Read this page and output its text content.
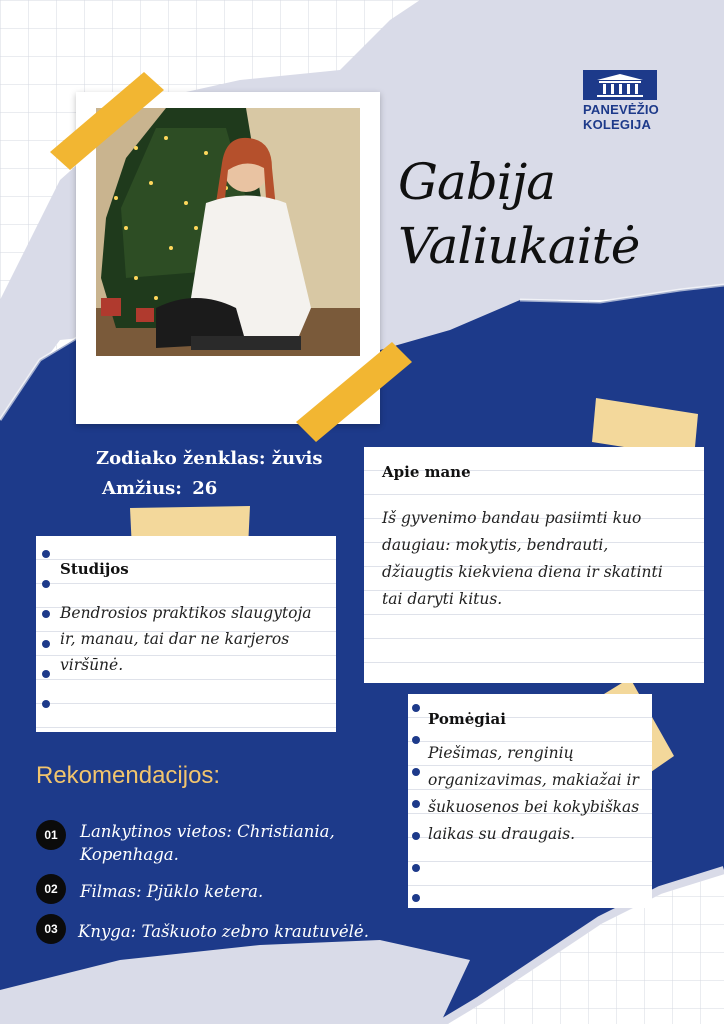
PANEVĖŽIO
KOLEGIJA
Gabija
Valiukaitė
Zodiako ženklas: žuvis
Amžius: 26
Apie mane
Iš gyvenimo bandau pasiimti kuo daugiau: mokytis, bendrauti, džiaugtis kiekviena diena ir skatinti tai daryti kitus.
Studijos
Bendrosios praktikos slaugytoja ir, manau, tai dar ne karjeros viršūnė.
Pomėgiai
Piešimas, renginių organizavimas, makiažai ir šukuosenos bei kokybiškas laikas su draugais.
Rekomendacijos:
01	Lankytinos vietos: Christiania, Kopenhaga.
02	Filmas: Pjūklo ketera.
03	Knyga: Taškuoto zebro krautuvėlė.
